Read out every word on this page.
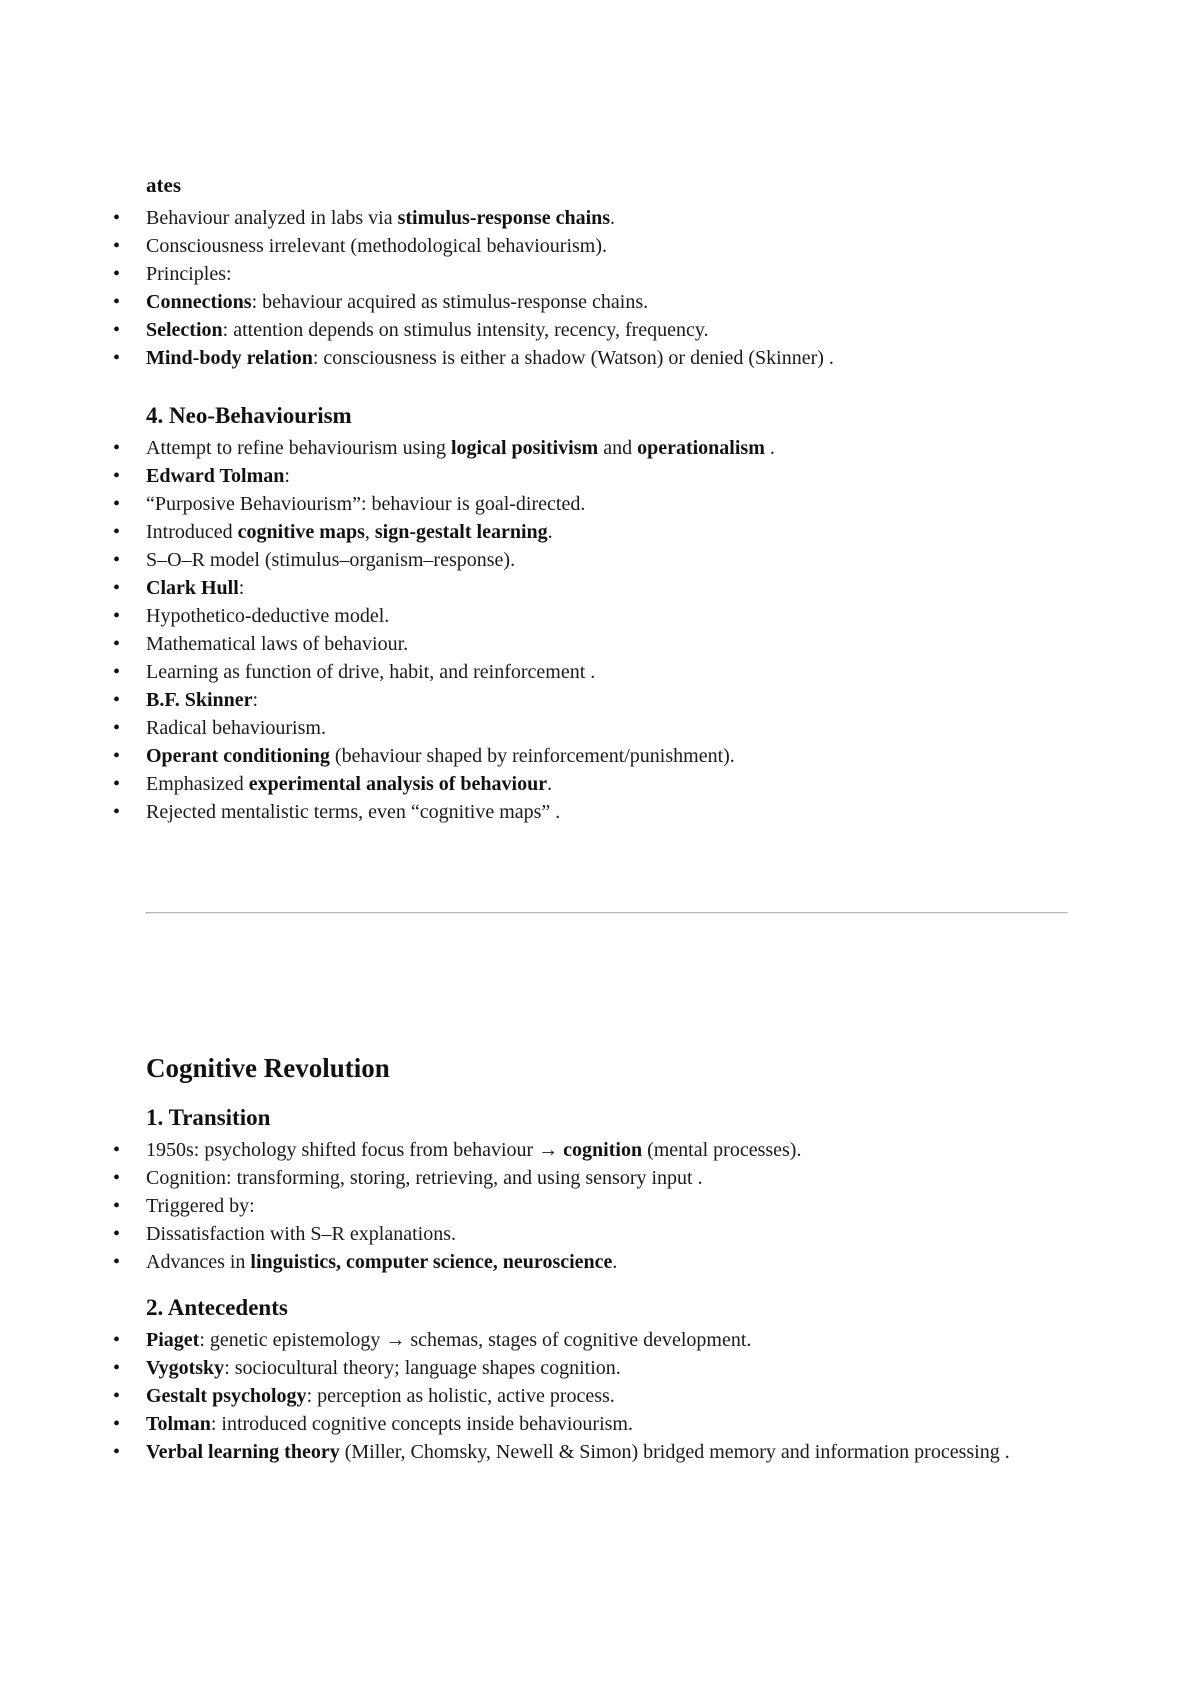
ates
• Behaviour analyzed in labs via stimulus-response chains.
• Consciousness irrelevant (methodological behaviourism).
• Principles:
• Connections: behaviour acquired as stimulus-response chains.
• Selection: attention depends on stimulus intensity, recency, frequency.
• Mind-body relation: consciousness is either a shadow (Watson) or denied (Skinner) .
4. Neo-Behaviourism
• Attempt to refine behaviourism using logical positivism and operationalism .
• Edward Tolman:
• “Purposive Behaviourism”: behaviour is goal-directed.
• Introduced cognitive maps, sign-gestalt learning.
• S–O–R model (stimulus–organism–response).
• Clark Hull:
• Hypothetico-deductive model.
• Mathematical laws of behaviour.
• Learning as function of drive, habit, and reinforcement .
• B.F. Skinner:
• Radical behaviourism.
• Operant conditioning (behaviour shaped by reinforcement/punishment).
• Emphasized experimental analysis of behaviour.
• Rejected mentalistic terms, even “cognitive maps” .
Cognitive Revolution
1. Transition
• 1950s: psychology shifted focus from behaviour → cognition (mental processes).
• Cognition: transforming, storing, retrieving, and using sensory input .
• Triggered by:
• Dissatisfaction with S–R explanations.
• Advances in linguistics, computer science, neuroscience.
2. Antecedents
• Piaget: genetic epistemology → schemas, stages of cognitive development.
• Vygotsky: sociocultural theory; language shapes cognition.
• Gestalt psychology: perception as holistic, active process.
• Tolman: introduced cognitive concepts inside behaviourism.
• Verbal learning theory (Miller, Chomsky, Newell & Simon) bridged memory and information processing .
